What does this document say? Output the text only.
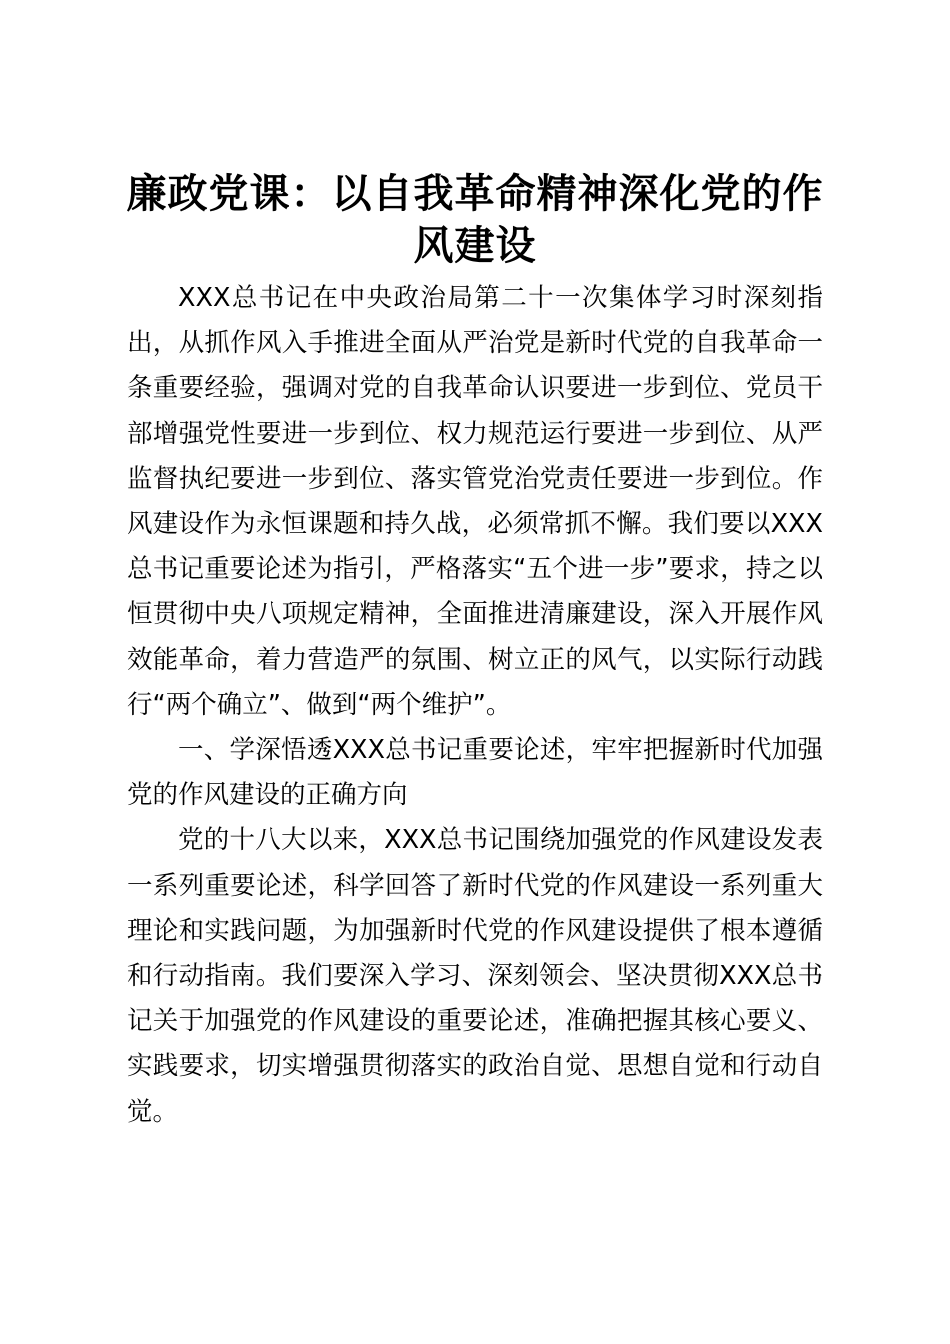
廉政党课：以自我革命精神深化党的作风建设

XXX总书记在中央政治局第二十一次集体学习时深刻指出，从抓作风入手推进全面从严治党是新时代党的自我革命一条重要经验，强调对党的自我革命认识要进一步到位、党员干部增强党性要进一步到位、权力规范运行要进一步到位、从严监督执纪要进一步到位、落实管党治党责任要进一步到位。作风建设作为永恒课题和持久战，必须常抓不懈。我们要以XXX总书记重要论述为指引，严格落实“五个进一步”要求，持之以恒贯彻中央八项规定精神，全面推进清廉建设，深入开展作风效能革命，着力营造严的氛围、树立正的风气，以实际行动践行“两个确立”、做到“两个维护”。

一、学深悟透XXX总书记重要论述，牢牢把握新时代加强党的作风建设的正确方向

党的十八大以来，XXX总书记围绕加强党的作风建设发表一系列重要论述，科学回答了新时代党的作风建设一系列重大理论和实践问题，为加强新时代党的作风建设提供了根本遵循和行动指南。我们要深入学习、深刻领会、坚决贯彻XXX总书记关于加强党的作风建设的重要论述，准确把握其核心要义、实践要求，切实增强贯彻落实的政治自觉、思想自觉和行动自觉。
